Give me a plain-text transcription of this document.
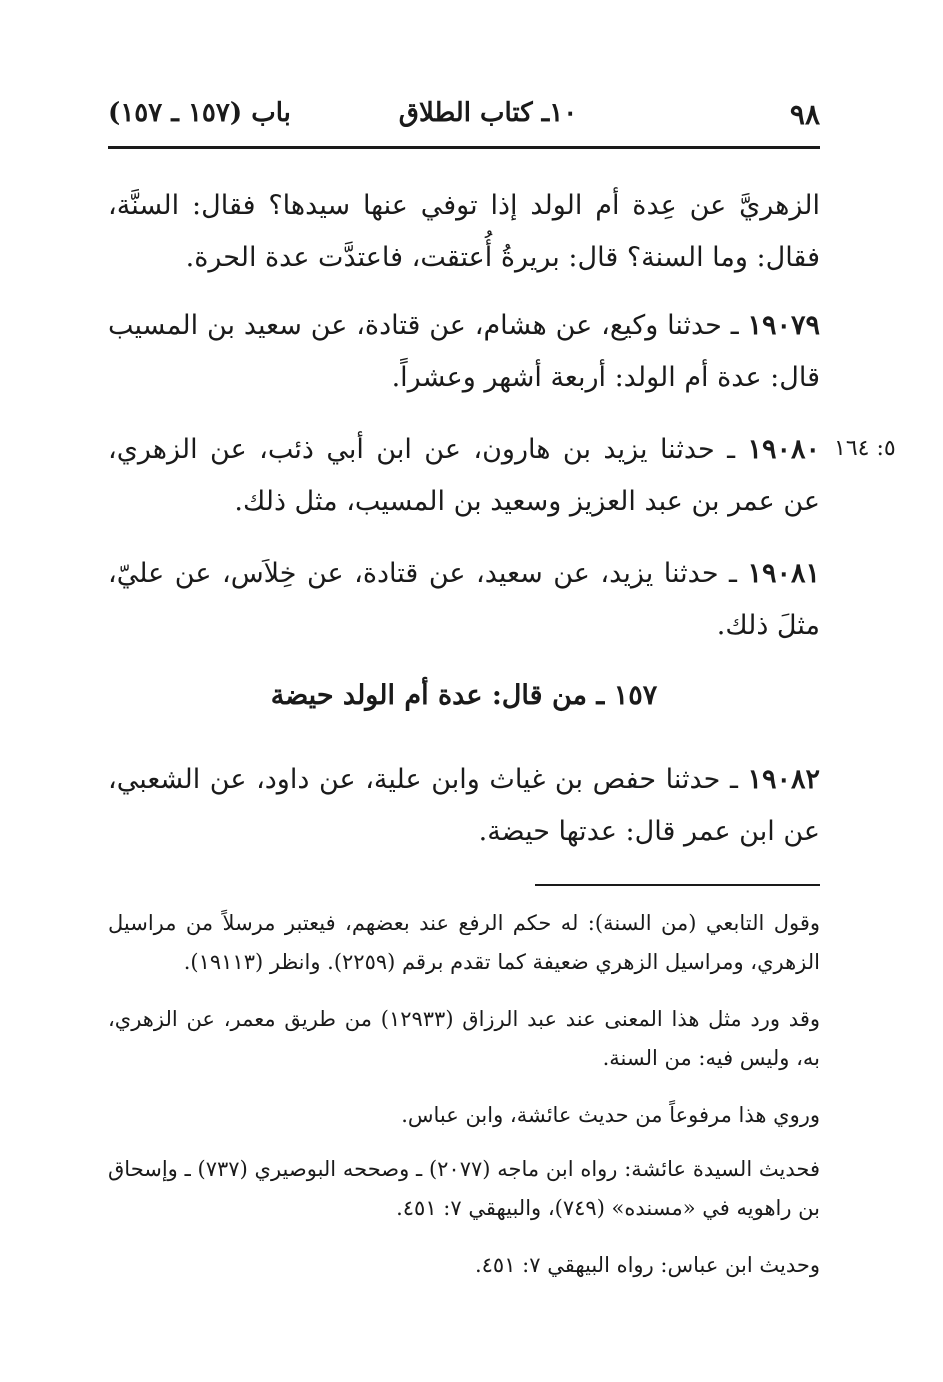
٩٨
١٠ـ كتاب الطلاق
باب (١٥٧ ـ ١٥٧)
الزهريَّ عن عِدة أم الولد إذا توفي عنها سيدها؟ فقال: السنَّة، فقال: وما السنة؟ قال: بريرةُ أُعتقت، فاعتدَّت عدة الحرة.
١٩٠٧٩ ـ حدثنا وكيع، عن هشام، عن قتادة، عن سعيد بن المسيب قال: عدة أم الولد: أربعة أشهر وعشراً.
٥: ١٦٤
١٩٠٨٠ ـ حدثنا يزيد بن هارون، عن ابن أبي ذئب، عن الزهري، عن عمر بن عبد العزيز وسعيد بن المسيب، مثل ذلك.
١٩٠٨١ ـ حدثنا يزيد، عن سعيد، عن قتادة، عن خِلاَس، عن عليّ، مثلَ ذلك.
١٥٧ ـ من قال: عدة أم الولد حيضة
١٩٠٨٢ ـ حدثنا حفص بن غياث وابن علية، عن داود، عن الشعبي، عن ابن عمر قال: عدتها حيضة.
وقول التابعي (من السنة): له حكم الرفع عند بعضهم، فيعتبر مرسلاً من مراسيل الزهري، ومراسيل الزهري ضعيفة كما تقدم برقم (٢٢٥٩). وانظر (١٩١١٣).
وقد ورد مثل هذا المعنى عند عبد الرزاق (١٢٩٣٣) من طريق معمر، عن الزهري، به، وليس فيه: من السنة.
وروي هذا مرفوعاً من حديث عائشة، وابن عباس.
فحديث السيدة عائشة: رواه ابن ماجه (٢٠٧٧) ـ وصححه البوصيري (٧٣٧) ـ وإسحاق بن راهويه في «مسنده» (٧٤٩)، والبيهقي ٧: ٤٥١.
وحديث ابن عباس: رواه البيهقي ٧: ٤٥١.
